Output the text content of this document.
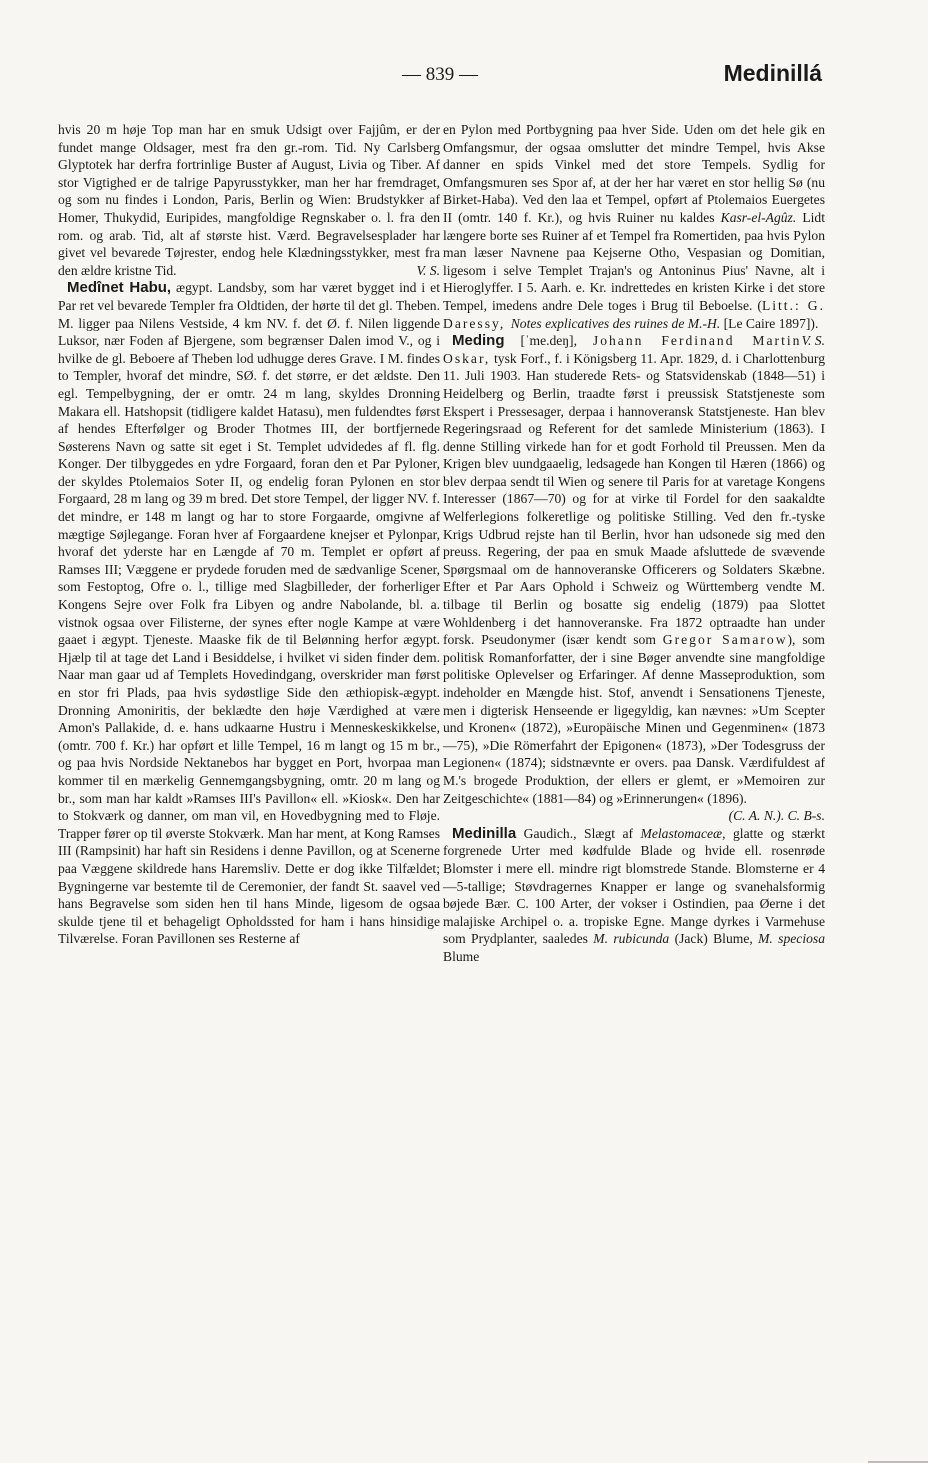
— 839 —	Medinillá

hvis 20 m høje Top man har en smuk Udsigt over Fajjûm, er der fundet mange Oldsager, mest fra den gr.-rom. Tid. Ny Carlsberg Glyptotek har derfra fortrinlige Buster af August, Livia og Tiber. Af stor Vigtighed er de talrige Papyrusstykker, man her har fremdraget, og som nu findes i London, Paris, Berlin og Wien: Brudstykker af Homer, Thukydid, Euripides, mangfoldige Regnskaber o. l. fra den rom. og arab. Tid, alt af største hist. Værd. Begravelsesplader har givet vel bevarede Tøjrester, endog hele Klædningsstykker, mest fra den ældre kristne Tid.	V. S.

Medînet Habu, ægypt. Landsby, som har været bygget ind i et Par ret vel bevarede Templer fra Oldtiden, der hørte til det gl. Theben. M. ligger paa Nilens Vestside, 4 km NV. f. det Ø. f. Nilen liggende Luksor, nær Foden af Bjergene, som begrænser Dalen imod V., og i hvilke de gl. Beboere af Theben lod udhugge deres Grave. I M. findes to Templer, hvoraf det mindre, SØ. f. det større, er det ældste. Den egl. Tempelbygning, der er omtr. 24 m lang, skyldes Dronning Makara ell. Hatshopsit (tidligere kaldet Hatasu), men fuldendtes først af hendes Efterfølger og Broder Thotmes III, der bortfjernede Søsterens Navn og satte sit eget i St. Templet udvidedes af fl. flg. Konger. Der tilbyggedes en ydre Forgaard, foran den et Par Pyloner, der skyldes Ptolemaios Soter II, og endelig foran Pylonen en stor Forgaard, 28 m lang og 39 m bred. Det store Tempel, der ligger NV. f. det mindre, er 148 m langt og har to store Forgaarde, omgivne af mægtige Søjlegange. Foran hver af Forgaardene knejser et Pylonpar, hvoraf det yderste har en Længde af 70 m. Templet er opført af Ramses III; Væggene er prydede foruden med de sædvanlige Scener, som Festoptog, Ofre o. l., tillige med Slagbilleder, der forherliger Kongens Sejre over Folk fra Libyen og andre Nabolande, bl. a. vistnok ogsaa over Filisterne, der synes efter nogle Kampe at være gaaet i ægypt. Tjeneste. Maaske fik de til Belønning herfor ægypt. Hjælp til at tage det Land i Besiddelse, i hvilket vi siden finder dem. Naar man gaar ud af Templets Hovedindgang, overskrider man først en stor fri Plads, paa hvis sydøstlige Side den æthiopisk-ægypt. Dronning Amoniritis, der beklædte den høje Værdighed at være Amon's Pallakide, d. e. hans udkaarne Hustru i Menneskeskikkelse, (omtr. 700 f. Kr.) har opført et lille Tempel, 16 m langt og 15 m br., og paa hvis Nordside Nektanebos har bygget en Port, hvorpaa man kommer til en mærkelig Gennemgangsbygning, omtr. 20 m lang og br., som man har kaldt »Ramses III's Pavillon« ell. »Kiosk«. Den har to Stokværk og danner, om man vil, en Hovedbygning med to Fløje. Trapper fører op til øverste Stokværk. Man har ment, at Kong Ramses III (Rampsinit) har haft sin Residens i denne Pavillon, og at Scenerne paa Væggene skildrede hans Haremsliv. Dette er dog ikke Tilfældet; Bygningerne var bestemte til de Ceremonier, der fandt St. saavel ved hans Begravelse som siden hen til hans Minde, ligesom de ogsaa skulde tjene til et behageligt Opholdssted for ham i hans hinsidige Tilværelse. Foran Pavillonen ses Resterne af

en Pylon med Portbygning paa hver Side. Uden om det hele gik en Omfangsmur, der ogsaa omslutter det mindre Tempel, hvis Akse danner en spids Vinkel med det store Tempels. Sydlig for Omfangsmuren ses Spor af, at der her har været en stor hellig Sø (nu Birket-Haba). Ved den laa et Tempel, opført af Ptolemaios Euergetes II (omtr. 140 f. Kr.), og hvis Ruiner nu kaldes Kasr-el-Agûz. Lidt længere borte ses Ruiner af et Tempel fra Romertiden, paa hvis Pylon man læser Navnene paa Kejserne Otho, Vespasian og Domitian, ligesom i selve Templet Trajan's og Antoninus Pius' Navne, alt i Hieroglyffer. I 5. Aarh. e. Kr. indrettedes en kristen Kirke i det store Tempel, imedens andre Dele toges i Brug til Beboelse. (Litt.: G. Daressy, Notes explicatives des ruines de M.-H. [Le Caire 1897]).
V. S.

Meding [ˈme.deŋ], Johann Ferdinand Martin Oskar, tysk Forf., f. i Königsberg 11. Apr. 1829, d. i Charlottenburg 11. Juli 1903. Han studerede Rets- og Statsvidenskab (1848—51) i Heidelberg og Berlin, traadte først i preussisk Statstjeneste som Ekspert i Pressesager, derpaa i hannoveransk Statstjeneste. Han blev Regeringsraad og Referent for det samlede Ministerium (1863). I denne Stilling virkede han for et godt Forhold til Preussen. Men da Krigen blev uundgaaelig, ledsagede han Kongen til Hæren (1866) og blev derpaa sendt til Wien og senere til Paris for at varetage Kongens Interesser (1867—70) og for at virke til Fordel for den saakaldte Welferlegions folkeretlige og politiske Stilling. Ved den fr.-tyske Krigs Udbrud rejste han til Berlin, hvor han udsonede sig med den preuss. Regering, der paa en smuk Maade afsluttede de svævende Spørgsmaal om de hannoveranske Officerers og Soldaters Skæbne. Efter et Par Aars Ophold i Schweiz og Württemberg vendte M. tilbage til Berlin og bosatte sig endelig (1879) paa Slottet Wohldenberg i det hannoveranske. Fra 1872 optraadte han under forsk. Pseudonymer (især kendt som Gregor Samarow), som politisk Romanforfatter, der i sine Bøger anvendte sine mangfoldige politiske Oplevelser og Erfaringer. Af denne Masseproduktion, som indeholder en Mængde hist. Stof, anvendt i Sensationens Tjeneste, men i digterisk Henseende er ligegyldig, kan nævnes: »Um Scepter und Kronen« (1872), »Europäische Minen und Gegenminen« (1873—75), »Die Römerfahrt der Epigonen« (1873), »Der Todesgruss der Legionen« (1874); sidstnævnte er overs. paa Dansk. Værdifuldest af M.'s brogede Produktion, der ellers er glemt, er »Memoiren zur Zeitgeschichte« (1881—84) og »Erinnerungen« (1896).
(C. A. N.). C. B-s.

Medinilla Gaudich., Slægt af Melastomaceæ, glatte og stærkt forgrenede Urter med kødfulde Blade og hvide ell. rosenrøde Blomster i mere ell. mindre rigt blomstrede Stande. Blomsterne er 4—5-tallige; Støvdragernes Knapper er lange og svanehalsformig bøjede Bær. C. 100 Arter, der vokser i Ostindien, paa Øerne i det malajiske Archipel o. a. tropiske Egne. Mange dyrkes i Varmehuse som Prydplanter, saaledes M. rubicunda (Jack) Blume, M. speciosa Blume
